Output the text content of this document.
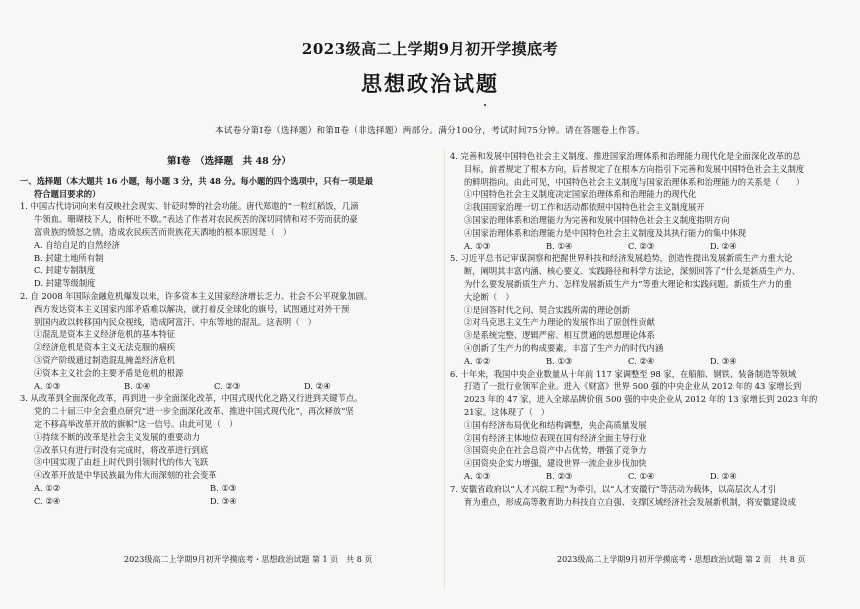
2023级高二上学期9月初开学摸底考
思想政治试题
本试卷分第Ⅰ卷（选择题）和第Ⅱ卷（非选择题）两部分。满分100分，考试时间75分钟。请在答题卷上作答。

第Ⅰ卷　（选择题　共 48 分）

一、选择题（本大题共 16 小题，每小题 3 分，共 48 分。每小题的四个选项中，只有一项是最

符合题目要求的）

1. 中国古代诗词向来有反映社会现实、针砭时弊的社会功能。唐代郑遨的“一粒红稻饭，几滴

牛领血。珊瑚枝下人，衔杯吐不歇。”表达了作者对农民疾苦的深切同情和对不劳而获的豪

富贵族的愤怒之情。造成农民疾苦而贵族花天酒地的根本原因是（　）

A. 自给自足的自然经济

B. 封建土地所有制

C. 封建专制制度

D. 封建等级制度

2. 自 2008 年国际金融危机爆发以来，许多资本主义国家经济增长乏力、社会不公平现象加剧。

西方发达资本主义国家内部矛盾难以解决，就打着反全球化的旗号，试图通过对外干预

别国内政以转移国内民众视线，造成阿富汗、中东等地的混乱。这表明（　）

①混乱是资本主义经济危机的基本特征

②经济危机是资本主义无法克服的痼疾

③资产阶级通过制造混乱掩盖经济危机

④资本主义社会的主要矛盾是危机的根源

A. ①③	B. ①④	C. ②③	D. ②④

3. 从改革到全面深化改革，再到进一步全面深化改革，中国式现代化之路又行进到关键节点。

党的二十届三中全会重点研究“进一步全面深化改革、推进中国式现代化”，再次释放“坚

定不移高举改革开放的旗帜”这一信号。由此可见（　）

①持续不断的改革是社会主义发展的重要动力

②改革只有进行时没有完成时，将改革进行到底

③中国实现了由赶上时代到引领时代的伟大飞跃

④改革开放是中华民族最为伟大而深刻的社会变革

A. ①②	B. ①③
C. ②④	D. ③④

4. 完善和发展中国特色社会主义制度、推进国家治理体系和治理能力现代化是全面深化改革的总

目标，前者规定了根本方向，后者规定了在根本方向指引下完善和发展中国特色社会主义制度

的鲜明指向。由此可见，中国特色社会主义制度与国家治理体系和治理能力的关系是（　　）

①中国特色社会主义制度决定国家治理体系和治理能力的现代化

②我国国家治理一切工作和活动都依照中国特色社会主义制度展开

③国家治理体系和治理能力为完善和发展中国特色社会主义制度指明方向

④国家治理体系和治理能力是中国特色社会主义制度及其执行能力的集中体现

A. ①③	B. ①④	C. ②③	D. ②④

5. 习近平总书记审谋洞察和把握世界科技和经济发展趋势，创造性提出发展新质生产力重大论

断，阐明其丰富内涵、核心要义、实践路径和科学方法论，深刻回答了“什么是新质生产力、

为什么要发展新质生产力、怎样发展新质生产力”等重大理论和实践问题。新质生产力的重

大论断（　）

①是回答时代之问、契合实践所需的理论创新

②对马克思主义生产力理论的发展作出了原创性贡献

③是系统完整、逻辑严密、相互贯通的思想理论体系

④创新了生产力的构成要素，丰富了生产力的时代内涵

A. ①②	B. ①③	C. ②④	D. ③④

6. 十年来，我国中央企业数量从十年前 117 家调整至 98 家，在船舶、钢铁、装备制造等领域

打造了一批行业领军企业。进入《财富》世界 500 强的中央企业从 2012 年的 43 家增长到

2023 年的 47 家，进入全球品牌价值 500 强的中央企业从 2012 年的 13 家增长到 2023 年的

21家。这体现了（　）

①国有经济布局优化和结构调整，央企高质量发展

②国有经济主体地位表现在国有经济全面主导行业

③国资央企在社会总资产中占优势，增强了竞争力

④国资央企实力增强，建设世界一流企业步伐加快

A. ①③	B. ②③	C. ①④	D. ②④

7. 安徽省政府以“人才兴皖工程”为牵引，以“人才安徽行”等活动为载体，以高层次人才引

育为重点，形成高等教育助力科技自立自强、支撑区域经济社会发展新机制，将安徽建设成

2023级高二上学期9月初开学摸底考・思想政治试题 第 1 页　共 8 页	2023级高二上学期9月初开学摸底考・思想政治试题 第 2 页　共 8 页
